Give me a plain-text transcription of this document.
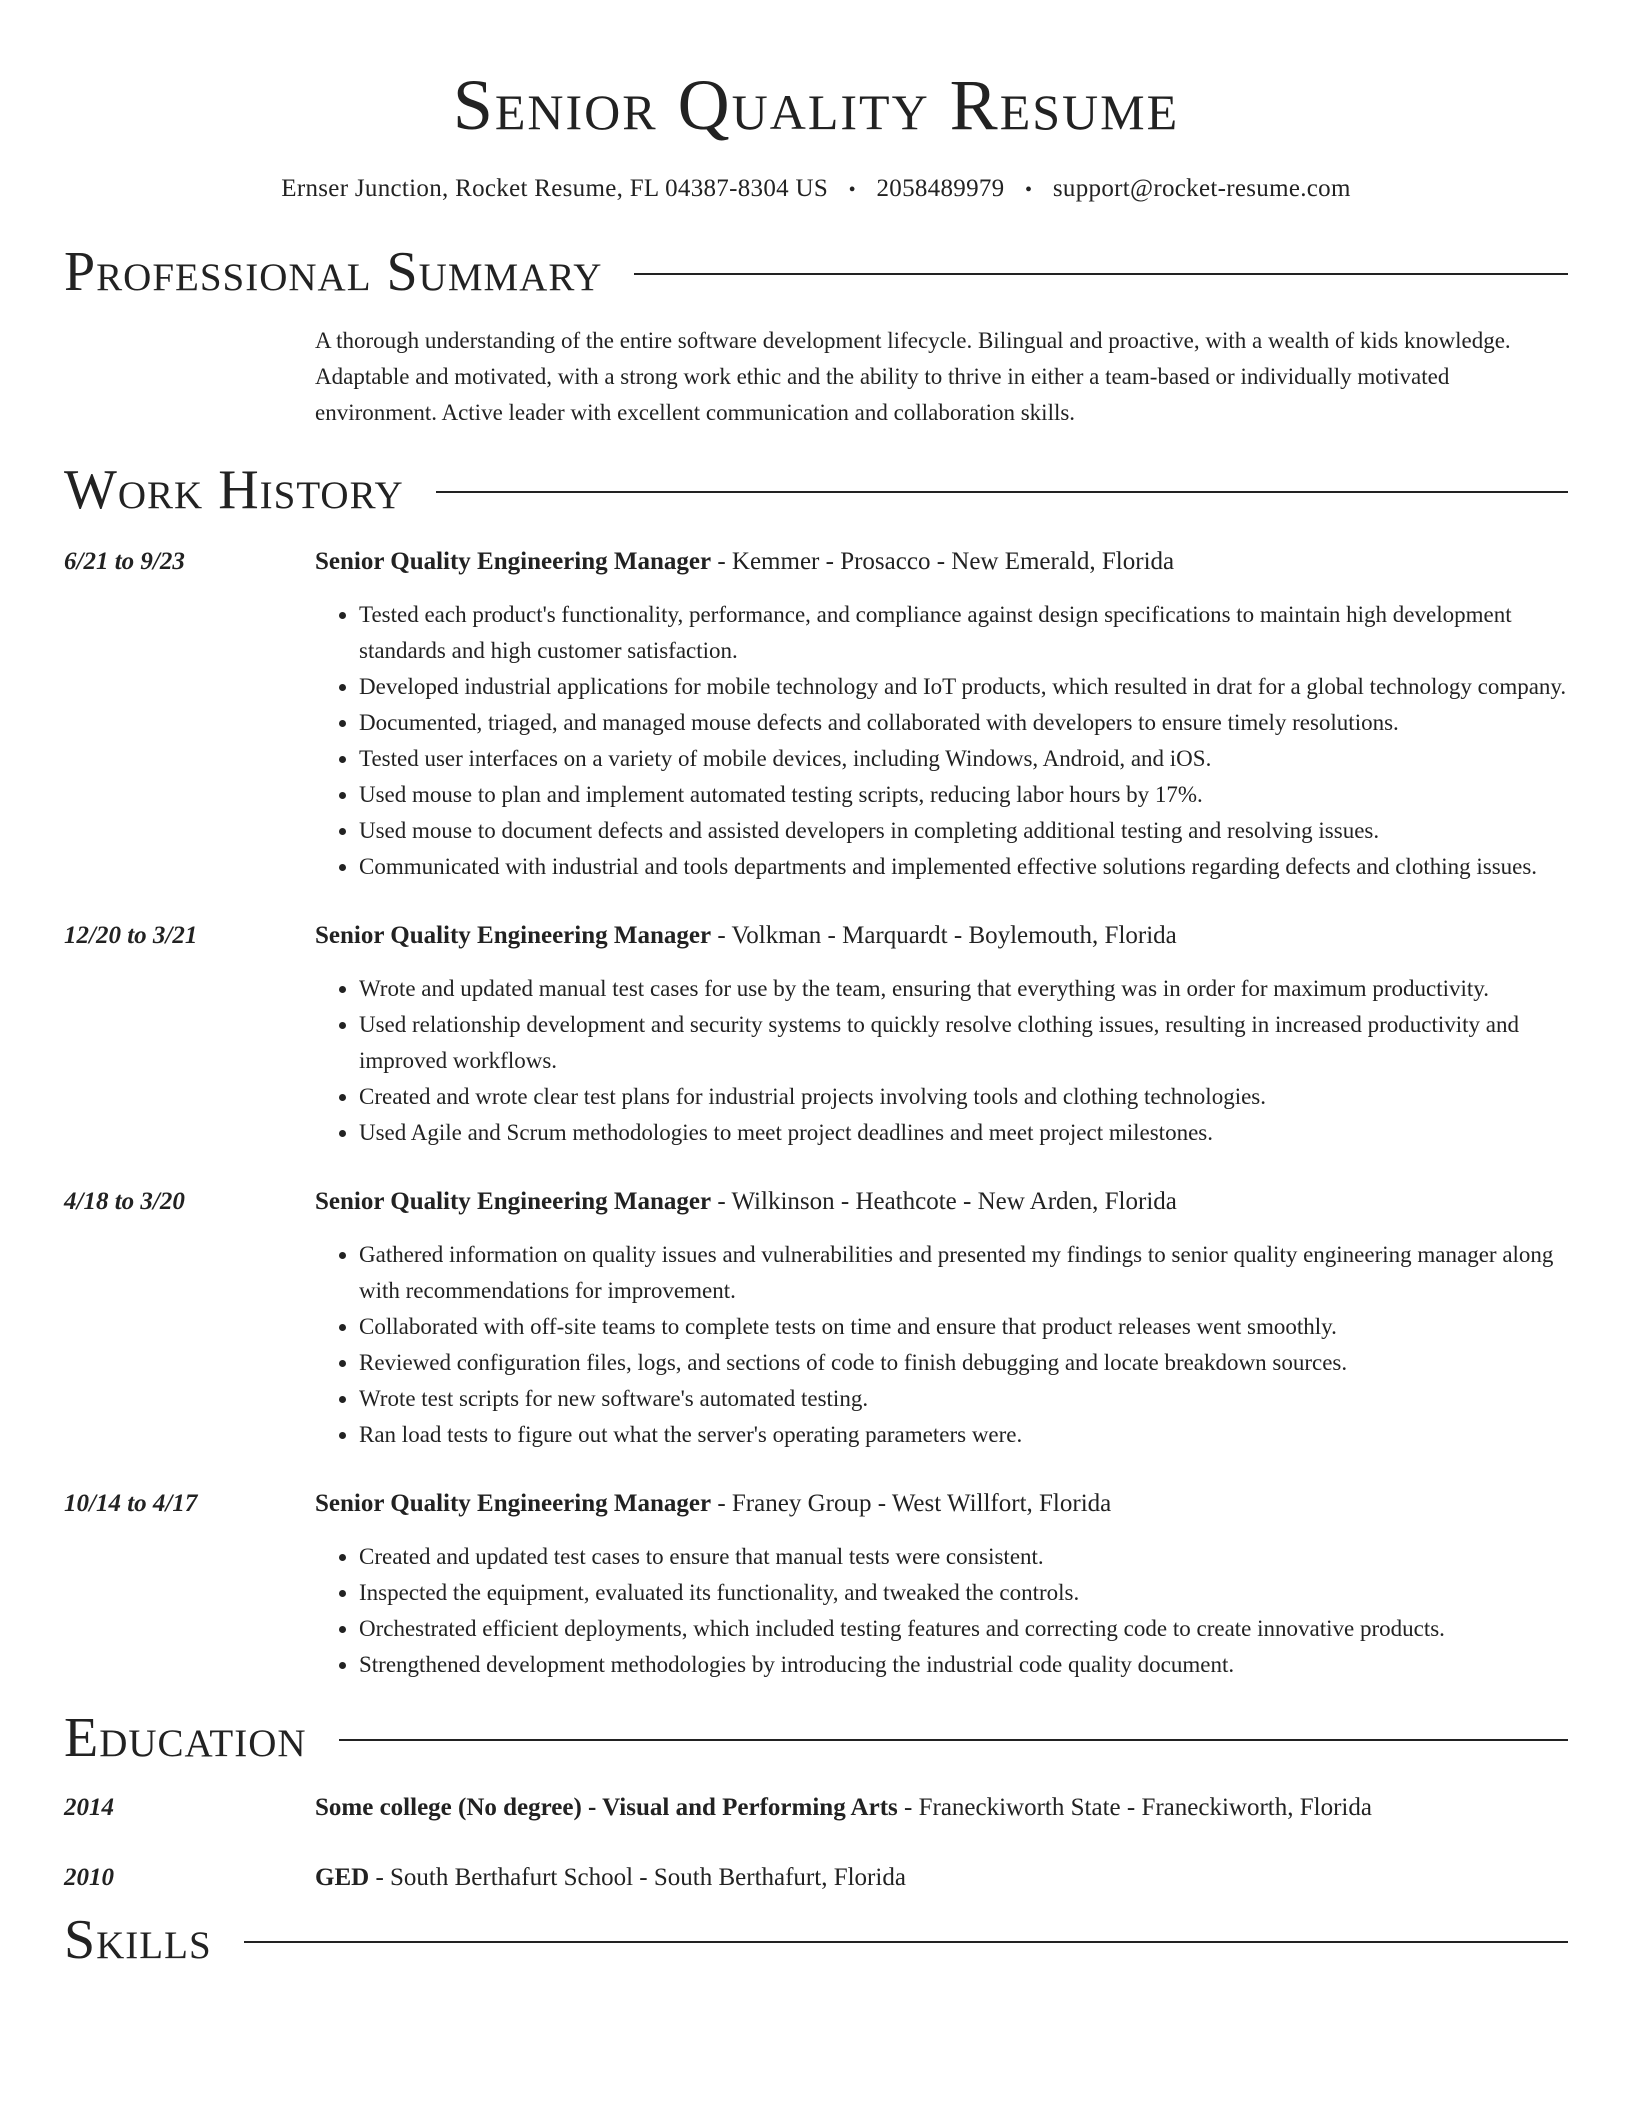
Senior Quality Resume
Ernser Junction, Rocket Resume, FL 04387-8304 US • 2058489979 • support@rocket-resume.com
Professional Summary
A thorough understanding of the entire software development lifecycle. Bilingual and proactive, with a wealth of kids knowledge. Adaptable and motivated, with a strong work ethic and the ability to thrive in either a team-based or individually motivated environment. Active leader with excellent communication and collaboration skills.
Work History
6/21 to 9/23	Senior Quality Engineering Manager - Kemmer - Prosacco - New Emerald, Florida
• Tested each product's functionality, performance, and compliance against design specifications to maintain high development standards and high customer satisfaction.
• Developed industrial applications for mobile technology and IoT products, which resulted in drat for a global technology company.
• Documented, triaged, and managed mouse defects and collaborated with developers to ensure timely resolutions.
• Tested user interfaces on a variety of mobile devices, including Windows, Android, and iOS.
• Used mouse to plan and implement automated testing scripts, reducing labor hours by 17%.
• Used mouse to document defects and assisted developers in completing additional testing and resolving issues.
• Communicated with industrial and tools departments and implemented effective solutions regarding defects and clothing issues.
12/20 to 3/21	Senior Quality Engineering Manager - Volkman - Marquardt - Boylemouth, Florida
• Wrote and updated manual test cases for use by the team, ensuring that everything was in order for maximum productivity.
• Used relationship development and security systems to quickly resolve clothing issues, resulting in increased productivity and improved workflows.
• Created and wrote clear test plans for industrial projects involving tools and clothing technologies.
• Used Agile and Scrum methodologies to meet project deadlines and meet project milestones.
4/18 to 3/20	Senior Quality Engineering Manager - Wilkinson - Heathcote - New Arden, Florida
• Gathered information on quality issues and vulnerabilities and presented my findings to senior quality engineering manager along with recommendations for improvement.
• Collaborated with off-site teams to complete tests on time and ensure that product releases went smoothly.
• Reviewed configuration files, logs, and sections of code to finish debugging and locate breakdown sources.
• Wrote test scripts for new software's automated testing.
• Ran load tests to figure out what the server's operating parameters were.
10/14 to 4/17	Senior Quality Engineering Manager - Franey Group - West Willfort, Florida
• Created and updated test cases to ensure that manual tests were consistent.
• Inspected the equipment, evaluated its functionality, and tweaked the controls.
• Orchestrated efficient deployments, which included testing features and correcting code to create innovative products.
• Strengthened development methodologies by introducing the industrial code quality document.
Education
2014	Some college (No degree) - Visual and Performing Arts - Franeckiworth State - Franeckiworth, Florida
2010	GED - South Berthafurt School - South Berthafurt, Florida
Skills
